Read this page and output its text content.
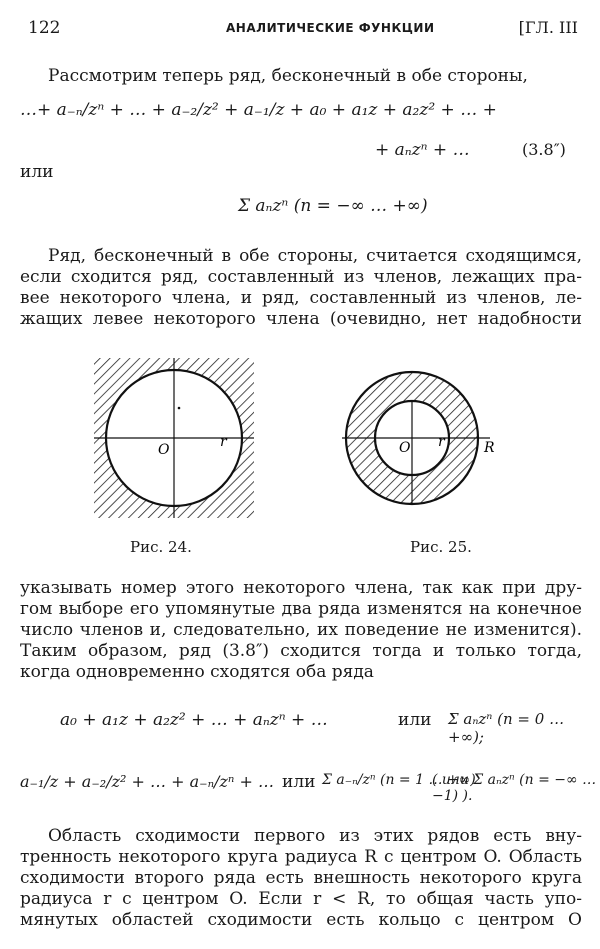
122	АНАЛИТИЧЕСКИЕ ФУНКЦИИ	[ГЛ. III
Рассмотрим теперь ряд, бесконечный в обе стороны,
…+ a₋ₙ/zⁿ + … + a₋₂/z² + a₋₁/z + a₀ + a₁z + a₂z² + … +
+ aₙzⁿ + …	(3.8″)
или
Σ aₙzⁿ (n = −∞ … +∞)
Ряд, бесконечный в обе стороны, считается сходящимся,
если сходится ряд, составленный из членов, лежащих пра-
вее некоторого члена, и ряд, составленный из членов, ле-
жащих левее некоторого члена (очевидно, нет надобности
O	r	O r	R
Рис. 24.	Рис. 25.
указывать номер этого некоторого члена, так как при дру-
гом выборе его упомянутые два ряда изменятся на конечное
число членов и, следовательно, их поведение не изменится).
Таким образом, ряд (3.8″) сходится тогда и только тогда,
когда одновременно сходятся оба ряда
a₀ + a₁z + a₂z² + … + aₙzⁿ + …	или Σ aₙzⁿ (n = 0 … +∞);
a₋₁/z + a₋₂/z² + … + a₋ₙ/zⁿ + … или Σ a₋ₙ/zⁿ (n = 1 … +∞)
( или Σ aₙzⁿ (n = −∞ … −1) ).
Область сходимости первого из этих рядов есть вну-
тренность некоторого круга радиуса R с центром O. Область
сходимости второго ряда есть внешность некоторого круга
радиуса r с центром O. Если r < R, то общая часть упо-
мянутых областей сходимости есть кольцо с центром O
